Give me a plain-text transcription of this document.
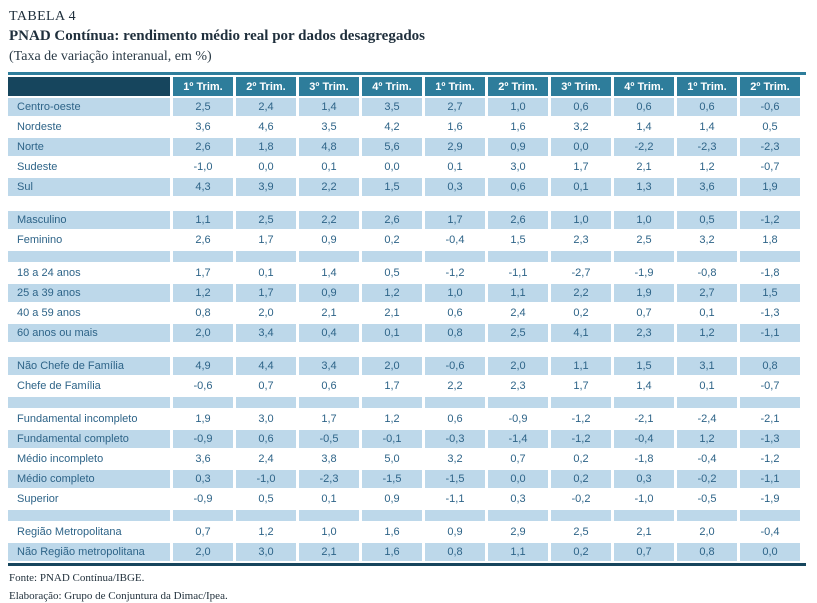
TABELA 4
PNAD Contínua: rendimento médio real por dados desagregados
(Taxa de variação interanual, em %)
	1º Trim.	2º Trim.	3º Trim.	4º Trim.	1º Trim.	2º Trim.	3º Trim.	4º Trim.	1º Trim.	2º Trim.
Centro-oeste	2,5	2,4	1,4	3,5	2,7	1,0	0,6	0,6	0,6	-0,6
Nordeste	3,6	4,6	3,5	4,2	1,6	1,6	3,2	1,4	1,4	0,5
Norte	2,6	1,8	4,8	5,6	2,9	0,9	0,0	-2,2	-2,3	-2,3
Sudeste	-1,0	0,0	0,1	0,0	0,1	3,0	1,7	2,1	1,2	-0,7
Sul	4,3	3,9	2,2	1,5	0,3	0,6	0,1	1,3	3,6	1,9

Masculino	1,1	2,5	2,2	2,6	1,7	2,6	1,0	1,0	0,5	-1,2
Feminino	2,6	1,7	0,9	0,2	-0,4	1,5	2,3	2,5	3,2	1,8

18 a 24 anos	1,7	0,1	1,4	0,5	-1,2	-1,1	-2,7	-1,9	-0,8	-1,8
25 a 39 anos	1,2	1,7	0,9	1,2	1,0	1,1	2,2	1,9	2,7	1,5
40 a 59 anos	0,8	2,0	2,1	2,1	0,6	2,4	0,2	0,7	0,1	-1,3
60 anos ou mais	2,0	3,4	0,4	0,1	0,8	2,5	4,1	2,3	1,2	-1,1

Não Chefe de Família	4,9	4,4	3,4	2,0	-0,6	2,0	1,1	1,5	3,1	0,8
Chefe de Família	-0,6	0,7	0,6	1,7	2,2	2,3	1,7	1,4	0,1	-0,7

Fundamental incompleto	1,9	3,0	1,7	1,2	0,6	-0,9	-1,2	-2,1	-2,4	-2,1
Fundamental completo	-0,9	0,6	-0,5	-0,1	-0,3	-1,4	-1,2	-0,4	1,2	-1,3
Médio incompleto	3,6	2,4	3,8	5,0	3,2	0,7	0,2	-1,8	-0,4	-1,2
Médio completo	0,3	-1,0	-2,3	-1,5	-1,5	0,0	0,2	0,3	-0,2	-1,1
Superior	-0,9	0,5	0,1	0,9	-1,1	0,3	-0,2	-1,0	-0,5	-1,9

Região Metropolitana	0,7	1,2	1,0	1,6	0,9	2,9	2,5	2,1	2,0	-0,4
Não Região metropolitana	2,0	3,0	2,1	1,6	0,8	1,1	0,2	0,7	0,8	0,0
Fonte: PNAD Contínua/IBGE.
Elaboração: Grupo de Conjuntura da Dimac/Ipea.
